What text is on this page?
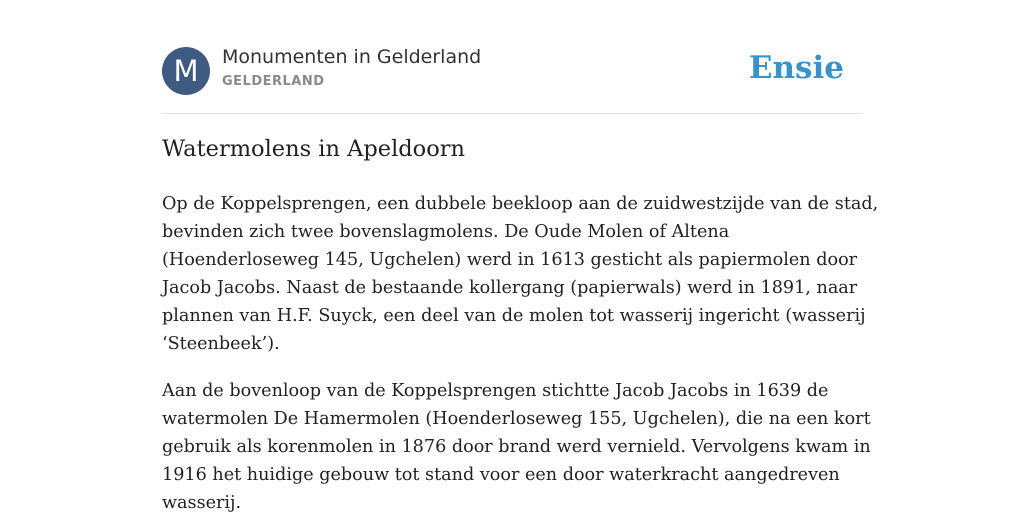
M	Monumenten in Gelderland
GELDERLAND	Ensie
Watermolens in Apeldoorn

Op de Koppelsprengen, een dubbele beekloop aan de zuidwestzijde van de stad,
bevinden zich twee bovenslagmolens. De Oude Molen of Altena
(Hoenderloseweg 145, Ugchelen) werd in 1613 gesticht als papiermolen door
Jacob Jacobs. Naast de bestaande kollergang (papierwals) werd in 1891, naar
plannen van H.F. Suyck, een deel van de molen tot wasserij ingericht (wasserij
‘Steenbeek’).

Aan de bovenloop van de Koppelsprengen stichtte Jacob Jacobs in 1639 de
watermolen De Hamermolen (Hoenderloseweg 155, Ugchelen), die na een kort
gebruik als korenmolen in 1876 door brand werd vernield. Vervolgens kwam in
1916 het huidige gebouw tot stand voor een door waterkracht aangedreven
wasserij.
